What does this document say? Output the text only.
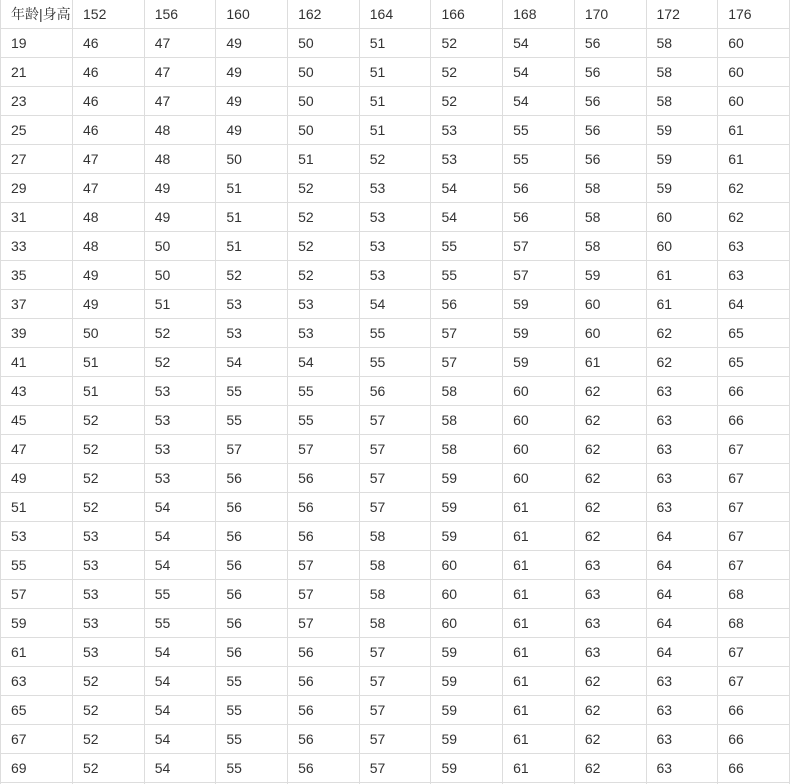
年龄|身高	152	156	160	162	164	166	168	170	172	176
19	46	47	49	50	51	52	54	56	58	60
21	46	47	49	50	51	52	54	56	58	60
23	46	47	49	50	51	52	54	56	58	60
25	46	48	49	50	51	53	55	56	59	61
27	47	48	50	51	52	53	55	56	59	61
29	47	49	51	52	53	54	56	58	59	62
31	48	49	51	52	53	54	56	58	60	62
33	48	50	51	52	53	55	57	58	60	63
35	49	50	52	52	53	55	57	59	61	63
37	49	51	53	53	54	56	59	60	61	64
39	50	52	53	53	55	57	59	60	62	65
41	51	52	54	54	55	57	59	61	62	65
43	51	53	55	55	56	58	60	62	63	66
45	52	53	55	55	57	58	60	62	63	66
47	52	53	57	57	57	58	60	62	63	67
49	52	53	56	56	57	59	60	62	63	67
51	52	54	56	56	57	59	61	62	63	67
53	53	54	56	56	58	59	61	62	64	67
55	53	54	56	57	58	60	61	63	64	67
57	53	55	56	57	58	60	61	63	64	68
59	53	55	56	57	58	60	61	63	64	68
61	53	54	56	56	57	59	61	63	64	67
63	52	54	55	56	57	59	61	62	63	67
65	52	54	55	56	57	59	61	62	63	66
67	52	54	55	56	57	59	61	62	63	66
69	52	54	55	56	57	59	61	62	63	66
